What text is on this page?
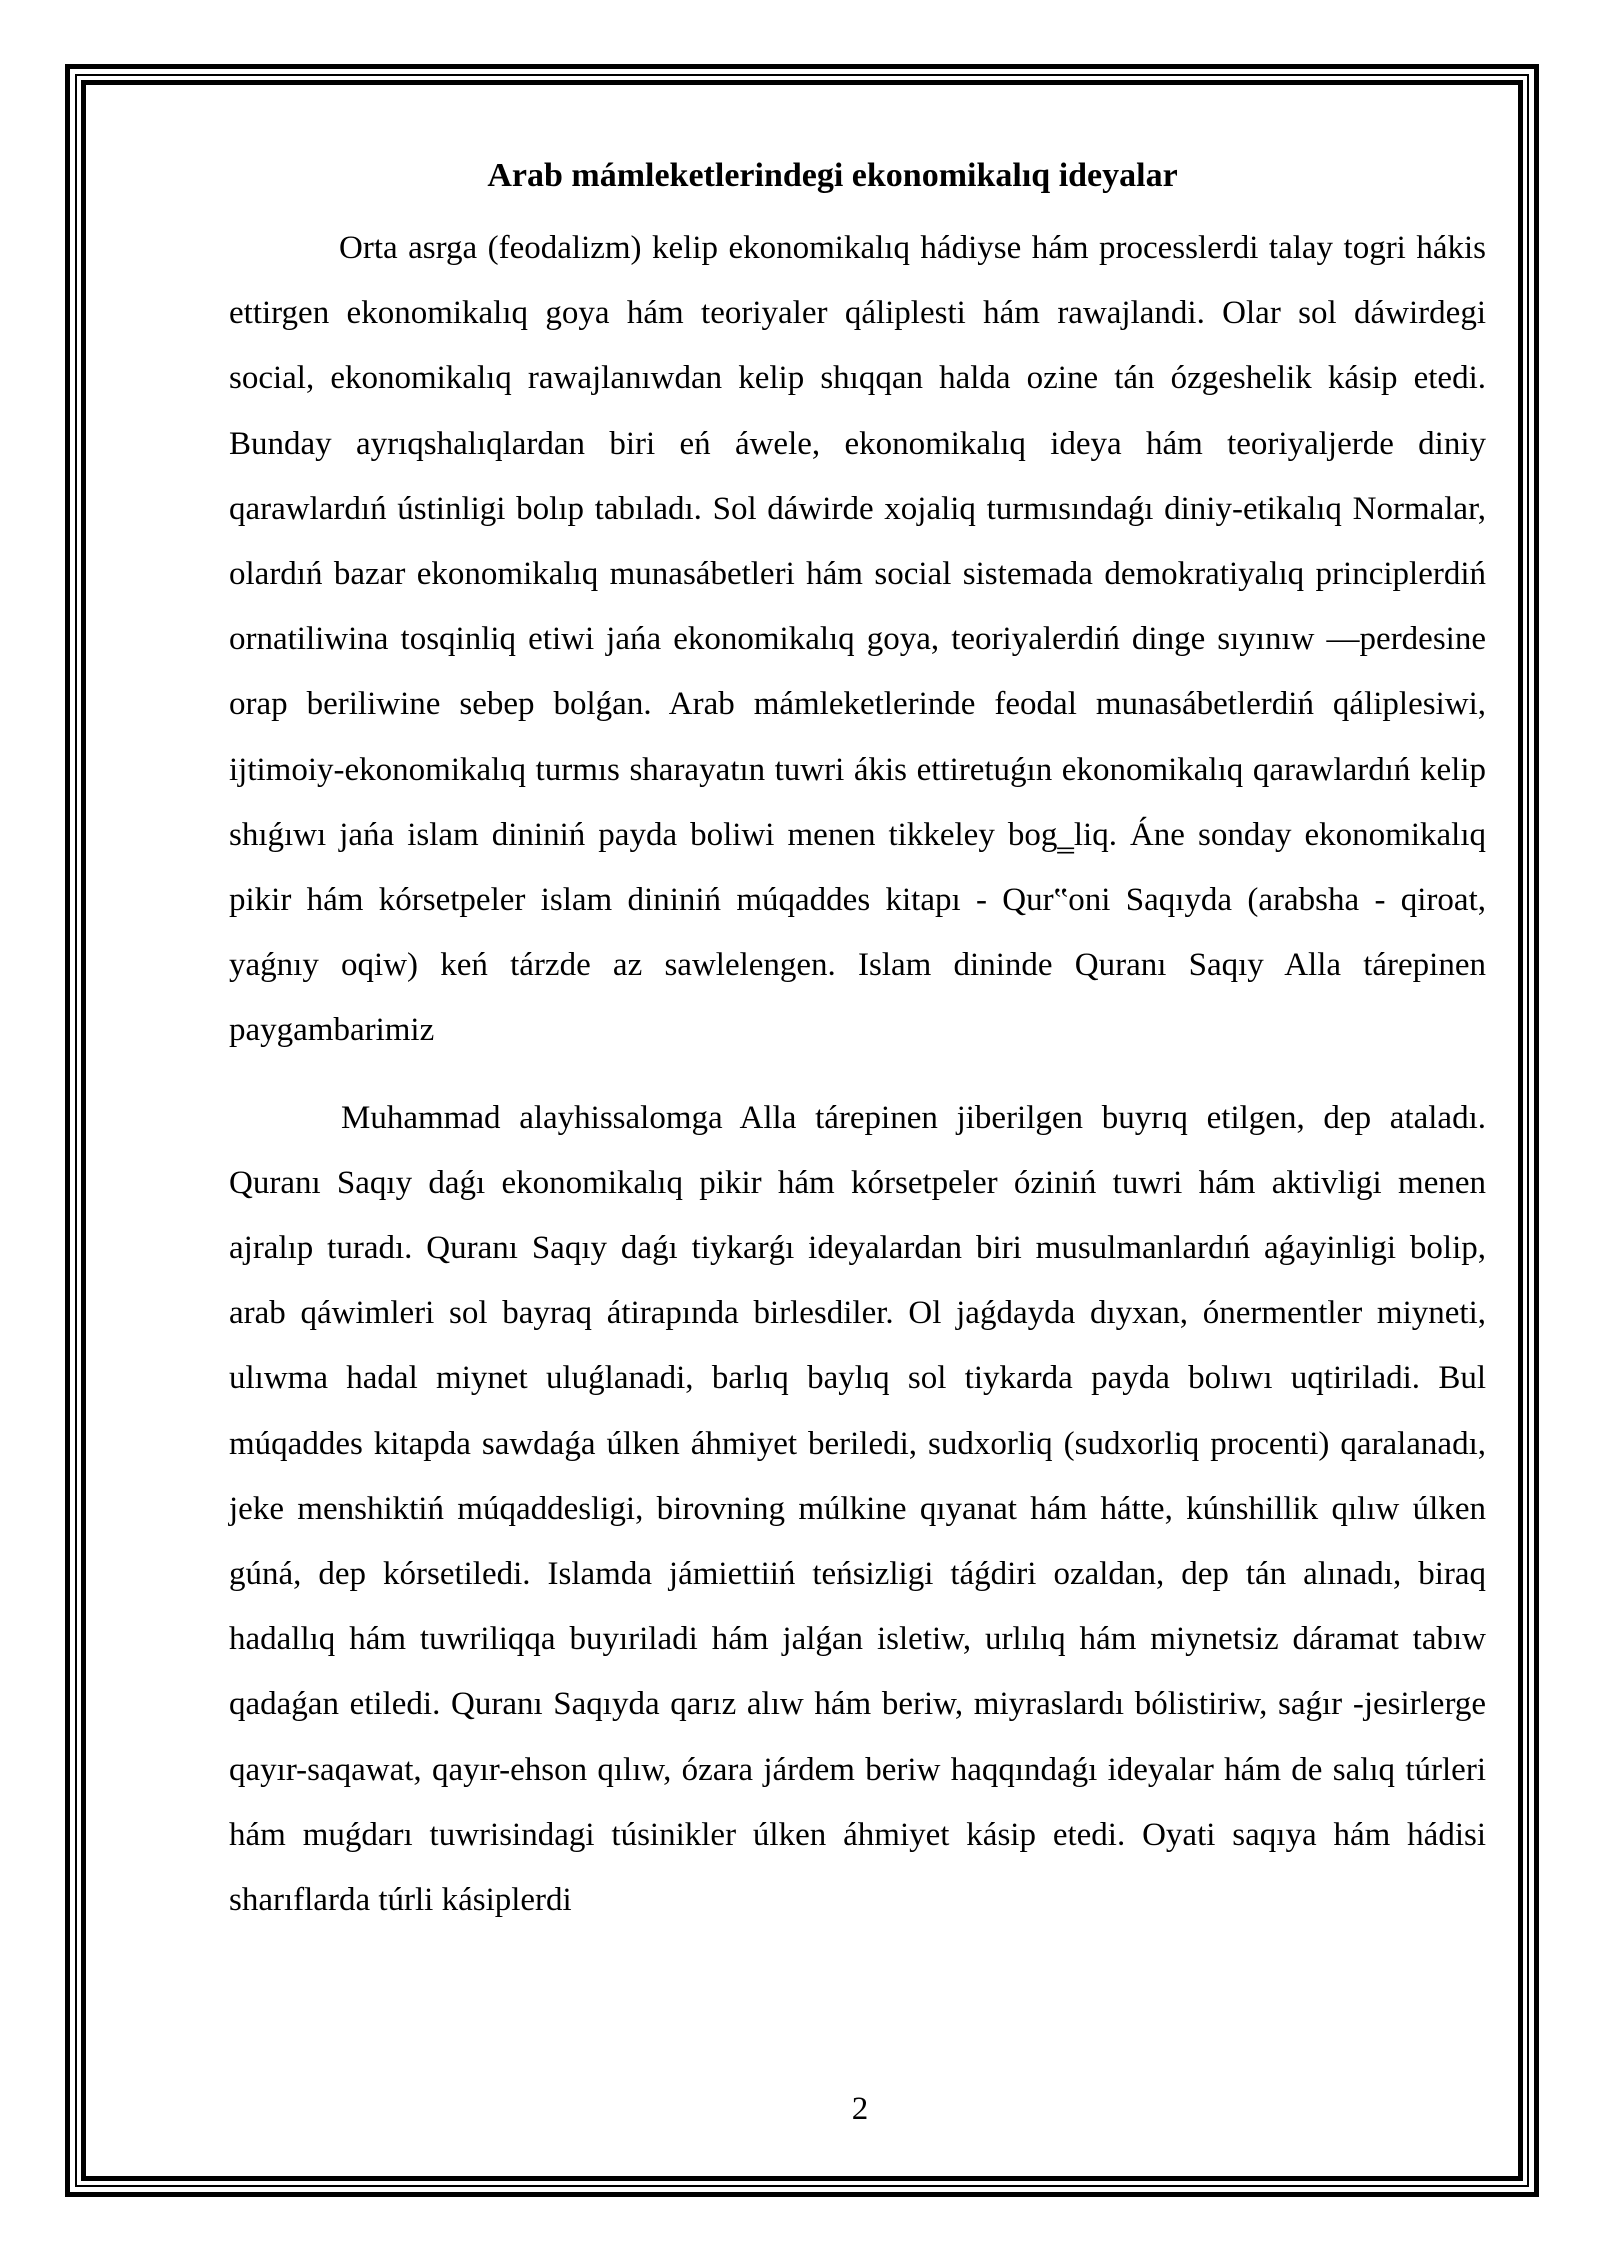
Arab mámleketlerindegi ekonomikalıq ideyalar

Orta asrga (feodalizm) kelip ekonomikalıq hádiyse hám processlerdi talay togri hákis ettirgen ekonomikalıq goya hám teoriyaler qáliplesti hám rawajlandi. Olar sol dáwirdegi social, ekonomikalıq rawajlanıwdan kelip shıqqan halda ozine tán ózgeshelik kásip etedi. Bunday ayrıqshalıqlardan biri eń áwele, ekonomikalıq ideya hám teoriyaljerde diniy qarawlardıń ústinligi bolıp tabıladı. Sol dáwirde xojaliq turmısındaǵı diniy-etikalıq Normalar, olardıń bazar ekonomikalıq munasábetleri hám social sistemada demokratiyalıq principlerdiń ornatiliwina tosqinliq etiwi jańa ekonomikalıq goya, teoriyalerdiń dinge sıyınıw —perdesine orap beriliwine sebep bolǵan. Arab mámleketlerinde feodal munasábetlerdiń qáliplesiwi, ijtimoiy-ekonomikalıq turmıs sharayatın tuwri ákis ettiretuǵın ekonomikalıq qarawlardıń kelip shıǵıwı jańa islam dininiń payda boliwi menen tikkeley bog‗liq. Áne sonday ekonomikalıq pikir hám kórsetpeler islam dininiń múqaddes kitapı - Qur‟oni Saqıyda (arabsha - qiroat, yaǵnıy oqiw) keń tárzde az sawlelengen. Islam dininde Quranı Saqıy Alla tárepinen paygambarimiz

Muhammad alayhissalomga Alla tárepinen jiberilgen buyrıq etilgen, dep ataladı. Quranı Saqıy daǵı ekonomikalıq pikir hám kórsetpeler óziniń tuwri hám aktivligi menen ajralıp turadı. Quranı Saqıy daǵı tiykarǵı ideyalardan biri musulmanlardıń aǵayinligi bolip, arab qáwimleri sol bayraq átirapında birlesdiler. Ol jaǵdayda dıyxan, ónermentler miyneti, ulıwma hadal miynet uluǵlanadi, barlıq baylıq sol tiykarda payda bolıwı uqtiriladi. Bul múqaddes kitapda sawdaǵa úlken áhmiyet beriledi, sudxorliq (sudxorliq procenti) qaralanadı, jeke menshiktiń múqaddesligi, birovning múlkine qıyanat hám hátte, kúnshillik qılıw úlken gúná, dep kórsetiledi. Islamda jámiettiiń teńsizligi táǵdiri ozaldan, dep tán alınadı, biraq hadallıq hám tuwriliqqa buyıriladi hám jalǵan isletiw, urlılıq hám miynetsiz dáramat tabıw qadaǵan etiledi. Quranı Saqıyda qarız alıw hám beriw, miyraslardı bólistiriw, saǵır -jesirlerge qayır-saqawat, qayır-ehson qılıw, ózara járdem beriw haqqındaǵı ideyalar hám de salıq túrleri hám muǵdarı tuwrisindagi túsinikler úlken áhmiyet kásip etedi. Oyati saqıya hám hádisi sharıflarda túrli kásiplerdi

2
